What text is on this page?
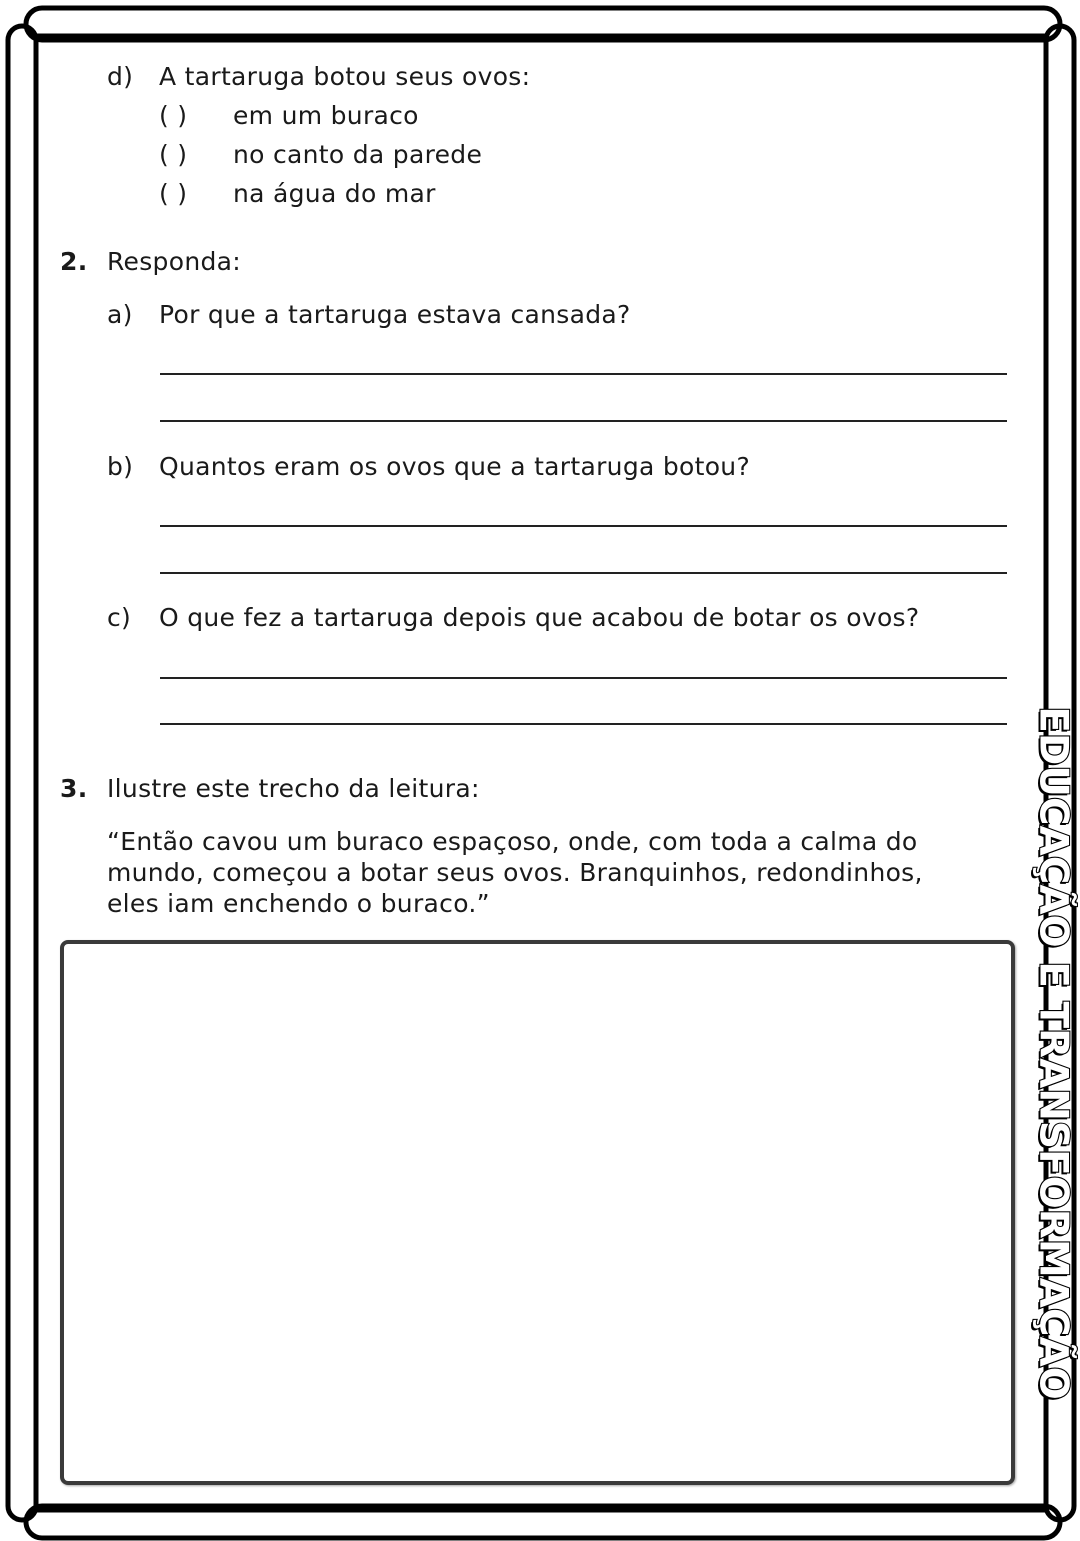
d) A tartaruga botou seus ovos:
( ) em um buraco
( ) no canto da parede
( ) na água do mar
2. Responda:
a) Por que a tartaruga estava cansada?
b) Quantos eram os ovos que a tartaruga botou?
c) O que fez a tartaruga depois que acabou de botar os ovos?
3. Ilustre este trecho da leitura:
“Então cavou um buraco espaçoso, onde, com toda a calma do
mundo, começou a botar seus ovos. Branquinhos, redondinhos,
eles iam enchendo o buraco.”	EDUCAÇÃO E TRANSFORMAÇÃO
